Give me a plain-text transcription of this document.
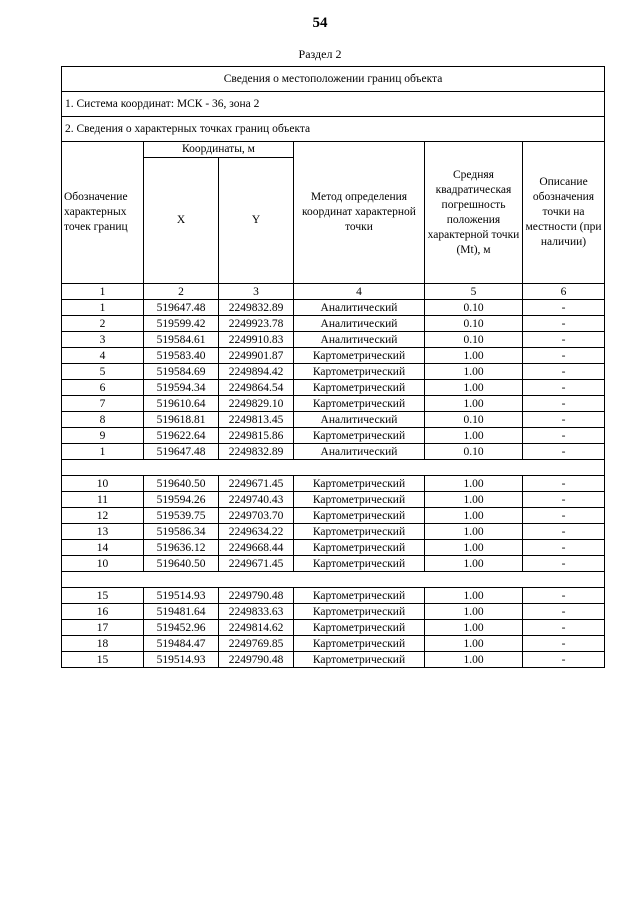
54
Раздел 2
Сведения о местоположении границ объекта					
1. Система координат: МСК - 36, зона 2					
2. Сведения о характерных точках границ объекта					
Обозначение характерных точек границ	Координаты, м		Метод определения координат характерной точки	Средняя квадратическая погрешность положения характерной точки (Mt), м	Описание обозначения точки на местности (при наличии)
	X	Y			
1	2	3	4	5	6
1	519647.48	2249832.89	Аналитический	0.10	-
2	519599.42	2249923.78	Аналитический	0.10	-
3	519584.61	2249910.83	Аналитический	0.10	-
4	519583.40	2249901.87	Картометрический	1.00	-
5	519584.69	2249894.42	Картометрический	1.00	-
6	519594.34	2249864.54	Картометрический	1.00	-
7	519610.64	2249829.10	Картометрический	1.00	-
8	519618.81	2249813.45	Аналитический	0.10	-
9	519622.64	2249815.86	Картометрический	1.00	-
1	519647.48	2249832.89	Аналитический	0.10	-

10	519640.50	2249671.45	Картометрический	1.00	-
11	519594.26	2249740.43	Картометрический	1.00	-
12	519539.75	2249703.70	Картометрический	1.00	-
13	519586.34	2249634.22	Картометрический	1.00	-
14	519636.12	2249668.44	Картометрический	1.00	-
10	519640.50	2249671.45	Картометрический	1.00	-

15	519514.93	2249790.48	Картометрический	1.00	-
16	519481.64	2249833.63	Картометрический	1.00	-
17	519452.96	2249814.62	Картометрический	1.00	-
18	519484.47	2249769.85	Картометрический	1.00	-
15	519514.93	2249790.48	Картометрический	1.00	-
